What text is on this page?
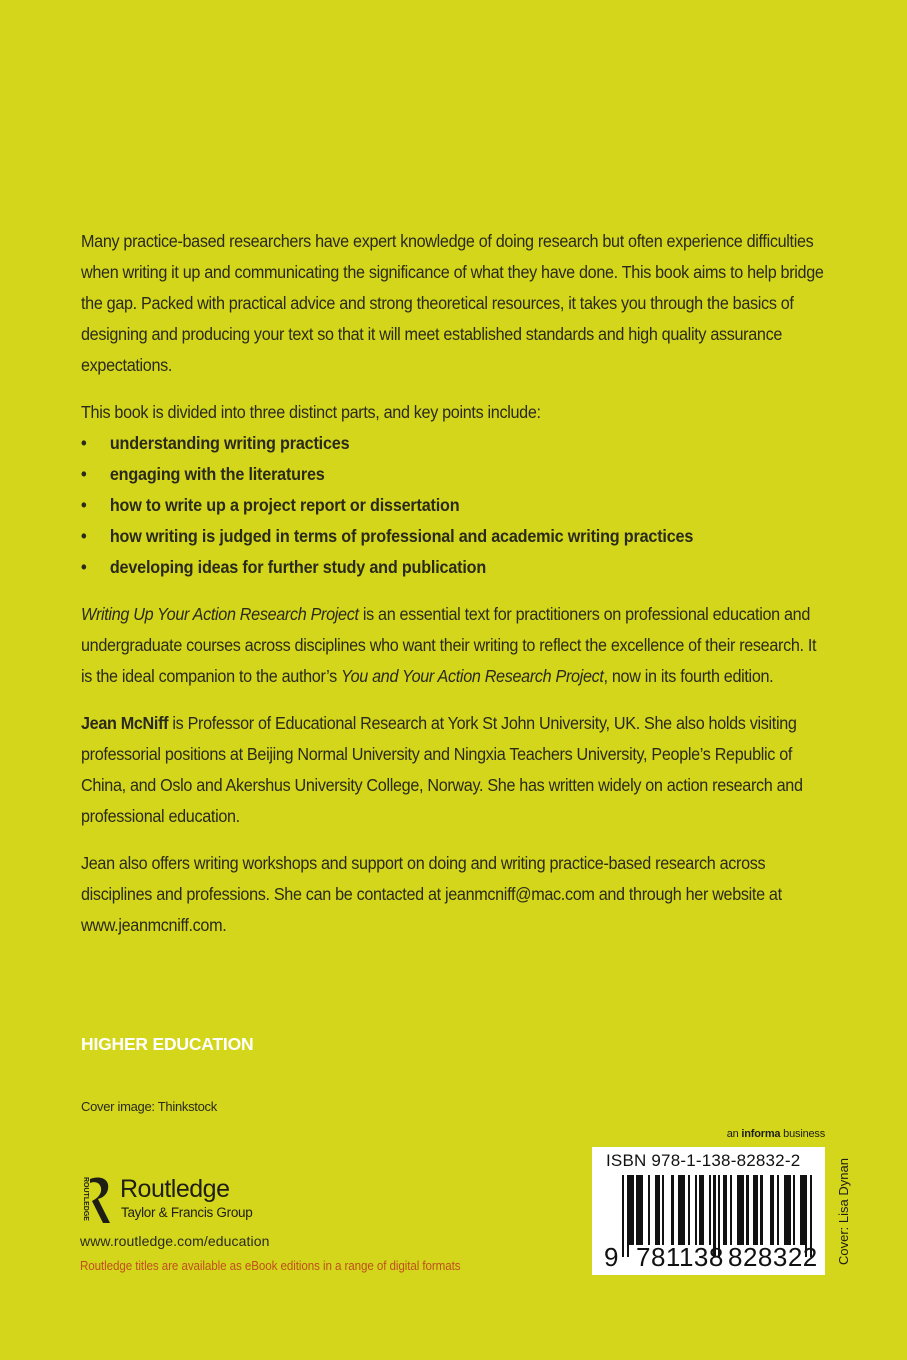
Many practice-based researchers have expert knowledge of doing research but often experience difficulties when writing it up and communicating the significance of what they have done. This book aims to help bridge the gap. Packed with practical advice and strong theoretical resources, it takes you through the basics of designing and producing your text so that it will meet established standards and high quality assurance expectations.

This book is divided into three distinct parts, and key points include:

• understanding writing practices
• engaging with the literatures
• how to write up a project report or dissertation
• how writing is judged in terms of professional and academic writing practices
• developing ideas for further study and publication

Writing Up Your Action Research Project is an essential text for practitioners on professional education and undergraduate courses across disciplines who want their writing to reflect the excellence of their research. It is the ideal companion to the author’s You and Your Action Research Project, now in its fourth edition.

Jean McNiff is Professor of Educational Research at York St John University, UK. She also holds visiting professorial positions at Beijing Normal University and Ningxia Teachers University, People’s Republic of China, and Oslo and Akershus University College, Norway. She has written widely on action research and professional education.

Jean also offers writing workshops and support on doing and writing practice-based research across disciplines and professions. She can be contacted at jeanmcniff@mac.com and through her website at www.jeanmcniff.com.

HIGHER EDUCATION
Cover image: Thinkstock
ROUTLEDGE Routledge
Taylor & Francis Group
www.routledge.com/education
Routledge titles are available as eBook editions in a range of digital formats
an informa business
ISBN 978-1-138-82832-2
9 781138 828322 Cover: Lisa Dynan
